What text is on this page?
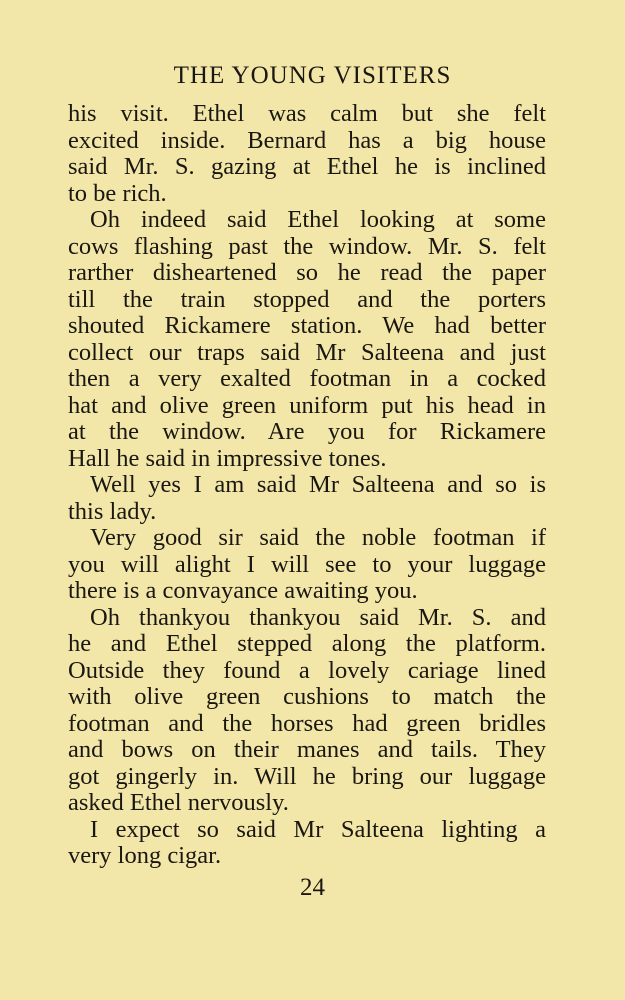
THE YOUNG VISITERS
his visit. Ethel was calm but she felt
excited inside. Bernard has a big house
said Mr. S. gazing at Ethel he is inclined
to be rich.
Oh indeed said Ethel looking at some
cows flashing past the window. Mr. S. felt
rarther disheartened so he read the paper
till the train stopped and the porters
shouted Rickamere station. We had better
collect our traps said Mr Salteena and just
then a very exalted footman in a cocked
hat and olive green uniform put his head in
at the window. Are you for Rickamere
Hall he said in impressive tones.
Well yes I am said Mr Salteena and so is
this lady.
Very good sir said the noble footman if
you will alight I will see to your luggage
there is a convayance awaiting you.
Oh thankyou thankyou said Mr. S. and
he and Ethel stepped along the platform.
Outside they found a lovely cariage lined
with olive green cushions to match the
footman and the horses had green bridles
and bows on their manes and tails. They
got gingerly in. Will he bring our luggage
asked Ethel nervously.
I expect so said Mr Salteena lighting a
very long cigar.
24
